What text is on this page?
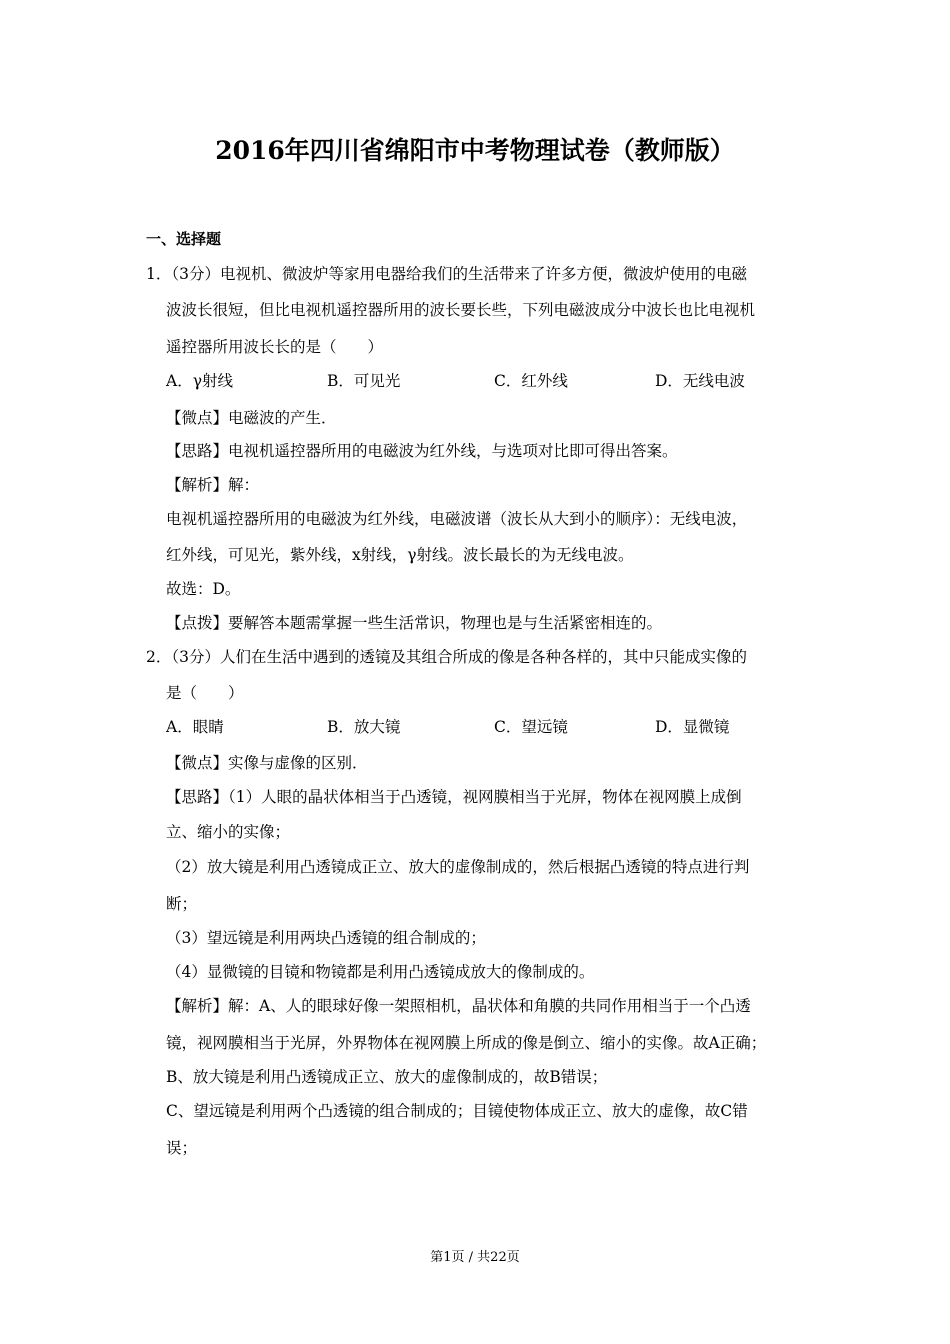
2016年四川省绵阳市中考物理试卷（教师版）
一、选择题
1．（3分）电视机、微波炉等家用电器给我们的生活带来了许多方便，微波炉使用的电磁
波波长很短，但比电视机遥控器所用的波长要长些，下列电磁波成分中波长也比电视机
遥控器所用波长长的是（　　）
A．γ射线	B．可见光	C．红外线	D．无线电波
【微点】电磁波的产生．
【思路】电视机遥控器所用的电磁波为红外线，与选项对比即可得出答案。
【解析】解：
电视机遥控器所用的电磁波为红外线，电磁波谱（波长从大到小的顺序）：无线电波，
红外线，可见光，紫外线，x射线，γ射线。波长最长的为无线电波。
故选：D。
【点拨】要解答本题需掌握一些生活常识，物理也是与生活紧密相连的。
2．（3分）人们在生活中遇到的透镜及其组合所成的像是各种各样的，其中只能成实像的
是（　　）
A．眼睛	B．放大镜	C．望远镜	D．显微镜
【微点】实像与虚像的区别．
【思路】（1）人眼的晶状体相当于凸透镜，视网膜相当于光屏，物体在视网膜上成倒
立、缩小的实像；
（2）放大镜是利用凸透镜成正立、放大的虚像制成的，然后根据凸透镜的特点进行判
断；
（3）望远镜是利用两块凸透镜的组合制成的；
（4）显微镜的目镜和物镜都是利用凸透镜成放大的像制成的。
【解析】解：A、人的眼球好像一架照相机，晶状体和角膜的共同作用相当于一个凸透
镜，视网膜相当于光屏，外界物体在视网膜上所成的像是倒立、缩小的实像。故A正确；
B、放大镜是利用凸透镜成正立、放大的虚像制成的，故B错误；
C、望远镜是利用两个凸透镜的组合制成的；目镜使物体成正立、放大的虚像，故C错
误；
第1页 / 共22页
